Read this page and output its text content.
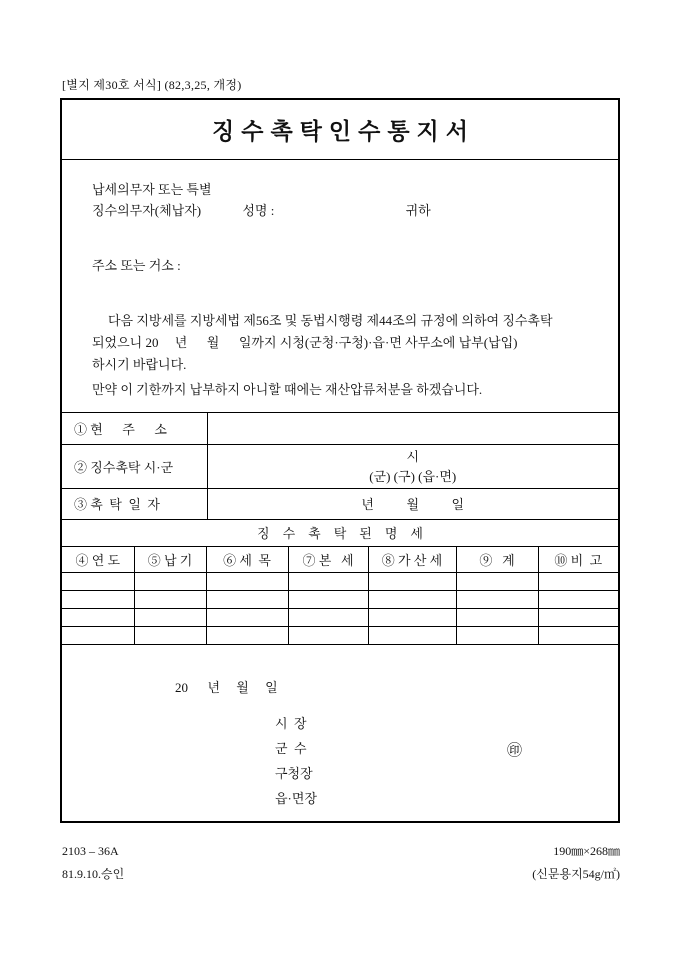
[별지 제30호 서식] (82,3,25, 개정)
징수촉탁인수통지서
납세의무자 또는 특별
징수의무자(체납자)	성명 :	귀하
주소 또는 거소 :
다음 지방세를 지방세법 제56조 및 동법시행령 제44조의 규정에 의하여 징수촉탁
되었으니 20     년      월      일까지 시청(군청·구청)·읍·면 사무소에 납부(납입)
하시기 바랍니다.
만약 이 기한까지 납부하지 아니할 때에는 재산압류처분을 하겠습니다.
① 현      주      소	
② 징수촉탁 시·군	시
(군) (구) (읍·면)

③ 촉  탁  일  자	년          월          일
징    수    촉    탁    된    명    세
④ 연 도	⑤ 납 기	⑥ 세  목	⑦ 본   세	⑧ 가 산 세	⑨   계	⑩ 비  고

20      년     월     일
시  장
군  수
구청장
읍·면장
㊞
2103 – 36A
81.9.10.승인
190㎜×268㎜
(신문용지54g/㎡)
